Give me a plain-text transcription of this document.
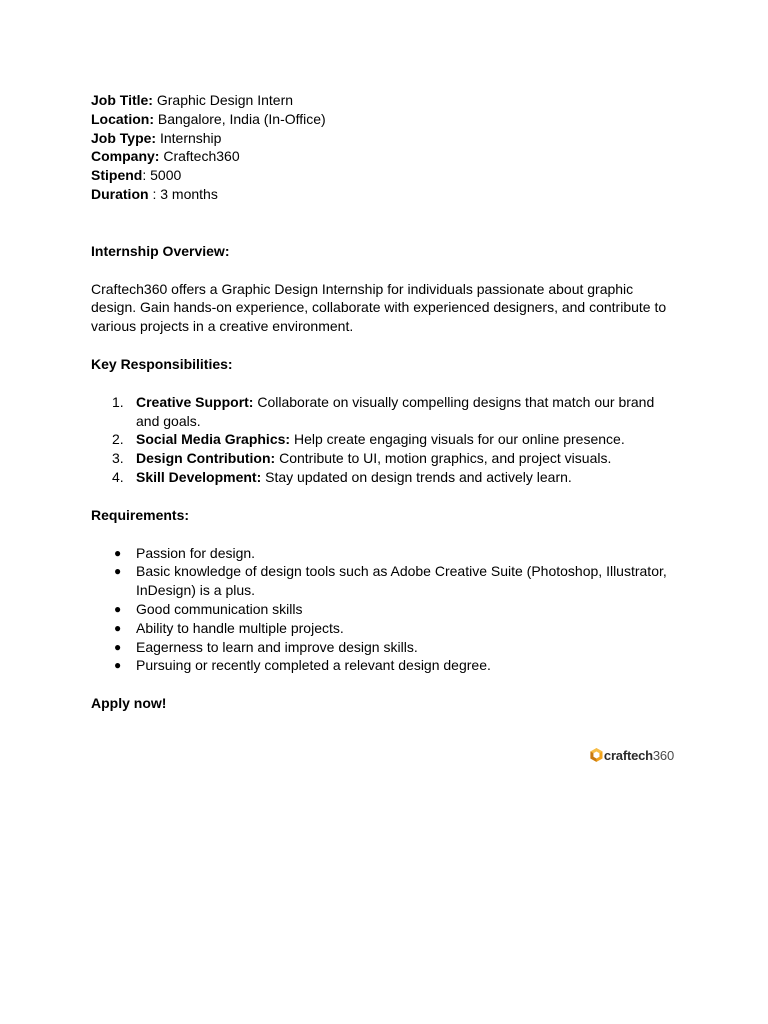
Job Title: Graphic Design Intern
Location: Bangalore, India (In-Office)
Job Type: Internship
Company: Craftech360
Stipend: 5000
Duration : 3 months
Internship Overview:

Craftech360 offers a Graphic Design Internship for individuals passionate about graphic design. Gain hands-on experience, collaborate with experienced designers, and contribute to various projects in a creative environment.

Key Responsibilities:
1. Creative Support: Collaborate on visually compelling designs that match our brand and goals.
2. Social Media Graphics: Help create engaging visuals for our online presence.
3. Design Contribution: Contribute to UI, motion graphics, and project visuals.
4. Skill Development: Stay updated on design trends and actively learn.
Requirements:
● Passion for design.
● Basic knowledge of design tools such as Adobe Creative Suite (Photoshop, Illustrator, InDesign) is a plus.
● Good communication skills
● Ability to handle multiple projects.
● Eagerness to learn and improve design skills.
● Pursuing or recently completed a relevant design degree.
Apply now!
craftech360
